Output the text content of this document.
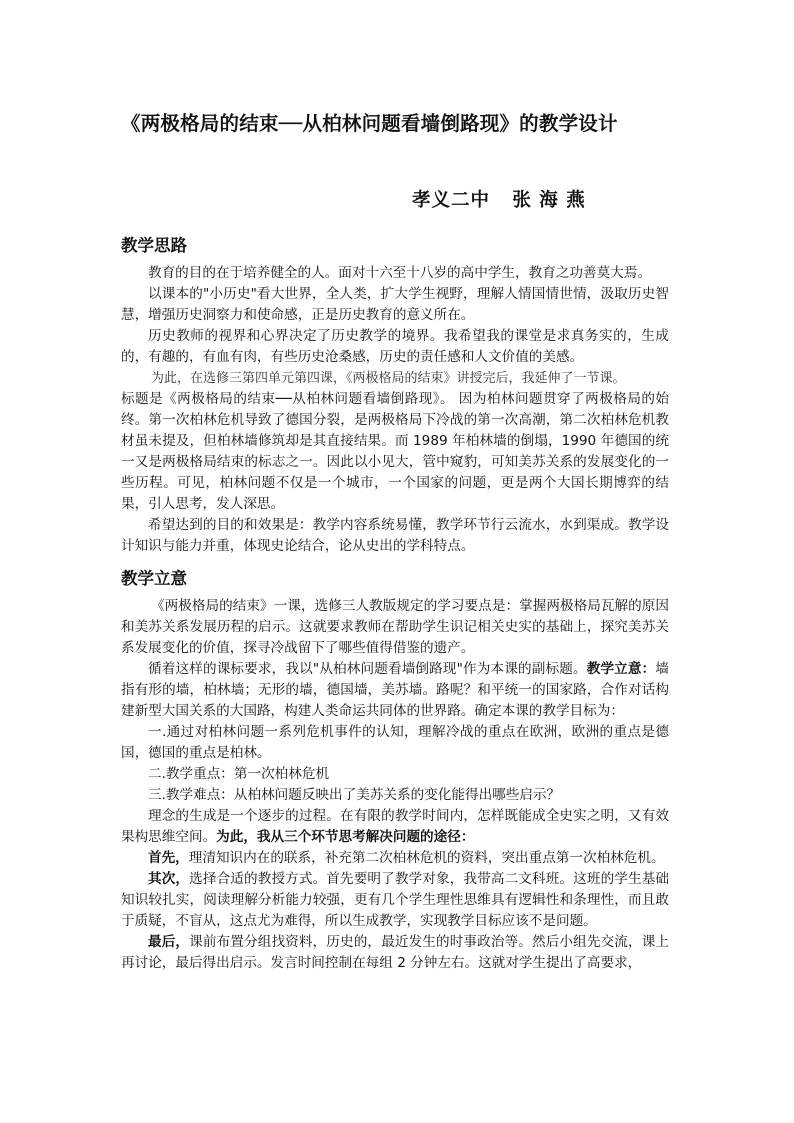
《两极格局的结束──从柏林问题看墙倒路现》的教学设计

孝义二中   张 海 燕

教学思路

教育的目的在于培养健全的人。面对十六至十八岁的高中学生，教育之功善莫大焉。

以课本的"小历史"看大世界，全人类，扩大学生视野，理解人情国情世情，汲取历史智慧，增强历史洞察力和使命感，正是历史教育的意义所在。

历史教师的视界和心界决定了历史教学的境界。我希望我的课堂是求真务实的，生成的，有趣的，有血有肉，有些历史沧桑感，历史的责任感和人文价值的美感。

为此，在选修三第四单元第四课，《两极格局的结束》讲授完后，我延伸了一节课。

标题是《两极格局的结束──从柏林问题看墙倒路现》。 因为柏林问题贯穿了两极格局的始终。第一次柏林危机导致了德国分裂，是两极格局下冷战的第一次高潮，第二次柏林危机教材虽未提及，但柏林墙修筑却是其直接结果。而 1989 年柏林墙的倒塌，1990 年德国的统一又是两极格局结束的标志之一。因此以小见大，管中窥豹，可知美苏关系的发展变化的一些历程。可见，柏林问题不仅是一个城市，一个国家的问题，更是两个大国长期博弈的结果，引人思考，发人深思。

希望达到的目的和效果是：教学内容系统易懂，教学环节行云流水，水到渠成。教学设计知识与能力并重，体现史论结合，论从史出的学科特点。

教学立意

《两极格局的结束》一课，选修三人教版规定的学习要点是：掌握两极格局瓦解的原因和美苏关系发展历程的启示。这就要求教师在帮助学生识记相关史实的基础上，探究美苏关系发展变化的价值，探寻冷战留下了哪些值得借鉴的遗产。

循着这样的课标要求，我以"从柏林问题看墙倒路现"作为本课的副标题。教学立意：墙指有形的墙，柏林墙；无形的墙，德国墙，美苏墙。路呢？和平统一的国家路，合作对话构建新型大国关系的大国路，构建人类命运共同体的世界路。确定本课的教学目标为：

一.通过对柏林问题一系列危机事件的认知，理解冷战的重点在欧洲，欧洲的重点是德国，德国的重点是柏林。

二.教学重点：第一次柏林危机

三.教学难点：从柏林问题反映出了美苏关系的变化能得出哪些启示？

理念的生成是一个逐步的过程。在有限的教学时间内，怎样既能成全史实之明，又有效果构思维空间。为此，我从三个环节思考解决问题的途径：

首先，理清知识内在的联系，补充第二次柏林危机的资料，突出重点第一次柏林危机。

其次，选择合适的教授方式。首先要明了教学对象，我带高二文科班。这班的学生基础知识较扎实，阅读理解分析能力较强，更有几个学生理性思维具有逻辑性和条理性，而且敢于质疑，不盲从，这点尤为难得，所以生成教学，实现教学目标应该不是问题。

最后，课前布置分组找资料，历史的，最近发生的时事政治等。然后小组先交流，课上再讨论，最后得出启示。发言时间控制在每组 2 分钟左右。这就对学生提出了高要求，
